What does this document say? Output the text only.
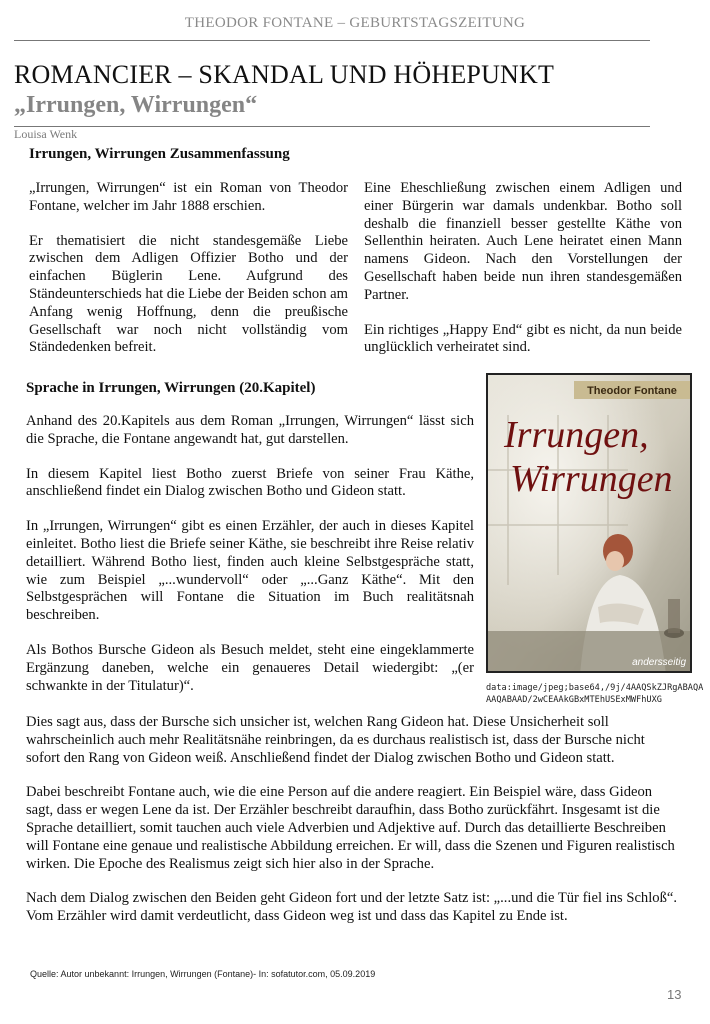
THEODOR FONTANE – GEBURTSTAGSZEITUNG
ROMANCIER – SKANDAL UND HÖHEPUNKT
„Irrungen, Wirrungen“
Louisa Wenk
Irrungen, Wirrungen Zusammenfassung

„Irrungen, Wirrungen“ ist ein Roman von Theodor Fontane, welcher im Jahr 1888 erschien.

Er thematisiert die nicht standesgemäße Liebe zwischen dem Adligen Offizier Botho und der einfachen Büglerin Lene. Aufgrund des Ständeunterschieds hat die Liebe der Beiden schon am Anfang wenig Hoffnung, denn die preußische Gesellschaft war noch nicht vollständig vom Ständedenken befreit.

Eine Eheschließung zwischen einem Adligen und einer Bürgerin war damals undenkbar. Botho soll deshalb die finanziell besser gestellte Käthe von Sellenthin heiraten. Auch Lene heiratet einen Mann namens Gideon. Nach den Vorstellungen der Gesellschaft haben beide nun ihren standesgemäßen Partner.

Ein richtiges „Happy End“ gibt es nicht, da nun beide unglücklich verheiratet sind.

Sprache in Irrungen, Wirrungen (20.Kapitel)

Anhand des 20.Kapitels aus dem Roman „Irrungen, Wirrungen“ lässt sich die Sprache, die Fontane angewandt hat, gut darstellen.

In diesem Kapitel liest Botho zuerst Briefe von seiner Frau Käthe, anschließend findet ein Dialog zwischen Botho und Gideon statt.

In „Irrungen, Wirrungen“ gibt es einen Erzähler, der auch in dieses Kapitel einleitet. Botho liest die Briefe seiner Käthe, sie beschreibt ihre Reise relativ detailliert. Während Botho liest, finden auch kleine Selbstgespräche statt, wie zum Beispiel „...wundervoll“ oder „...Ganz Käthe“. Mit den Selbstgesprächen will Fontane die Situation im Buch realitätsnah beschreiben.

Als Bothos Bursche Gideon als Besuch meldet, steht eine eingeklammerte Ergänzung daneben, welche ein genaueres Detail wiedergibt: „(er schwankte in der Titulatur)“.

andersseitig
Theodor Fontane
Irrungen,
Wirrungen
data:image/jpeg;base64,/9j/4AAQSkZJRgABAQA
AAQABAAD/2wCEAAkGBxMTEhUSExMWFhUXG

Dies sagt aus, dass der Bursche sich unsicher ist, welchen Rang Gideon hat. Diese Unsicherheit soll wahrscheinlich auch mehr Realitätsnähe reinbringen, da es durchaus realistisch ist, dass der Bursche nicht sofort den Rang von Gideon weiß. Anschließend findet der Dialog zwischen Botho und Gideon statt.

Dabei beschreibt Fontane auch, wie die eine Person auf die andere reagiert. Ein Beispiel wäre, dass Gideon sagt, dass er wegen Lene da ist. Der Erzähler beschreibt daraufhin, dass Botho zurückfährt. Insgesamt ist die Sprache detailliert, somit tauchen auch viele Adverbien und Adjektive auf. Durch das detaillierte Beschreiben will Fontane eine genaue und realistische Abbildung erreichen. Er will, dass die Szenen und Figuren realistisch wirken. Die Epoche des Realismus zeigt sich hier also in der Sprache.

Nach dem Dialog zwischen den Beiden geht Gideon fort und der letzte Satz ist: „...und die Tür fiel ins Schloß“. Vom Erzähler wird damit verdeutlicht, dass Gideon weg ist und dass das Kapitel zu Ende ist.

Quelle: Autor unbekannt: Irrungen, Wirrungen (Fontane)- In: sofatutor.com, 05.09.2019
13
